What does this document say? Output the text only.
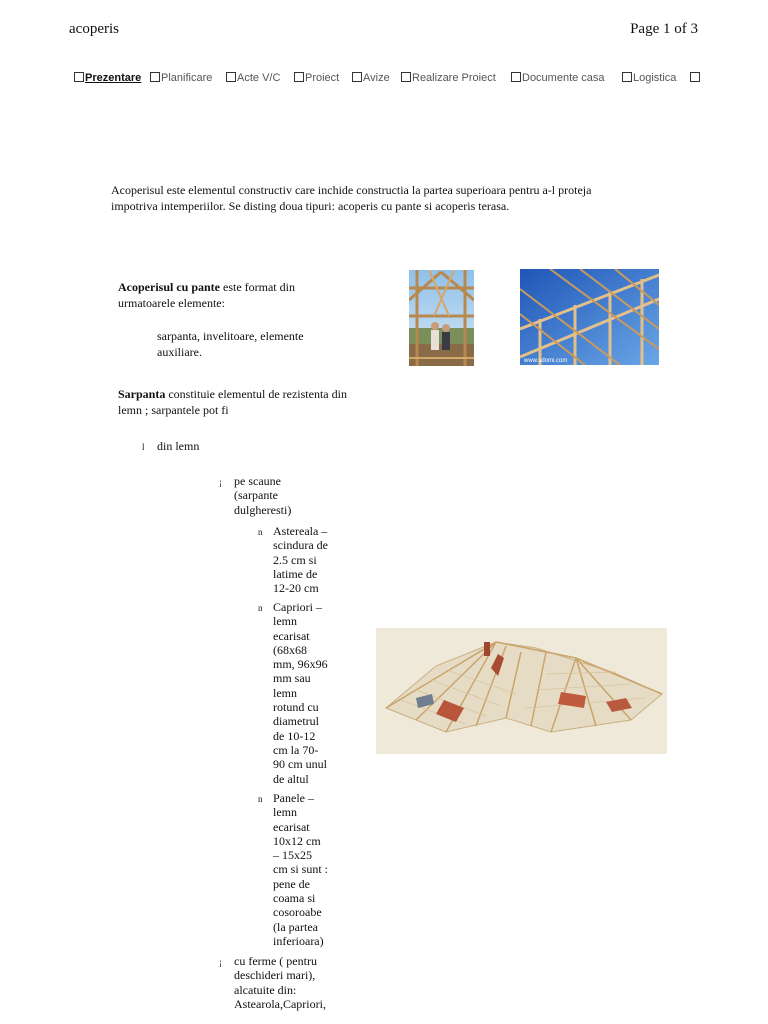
acoperis	Page 1 of 3
Prezentare	Planificare	Acte V/C	Proiect	Avize	Realizare Proiect	Documente casa	Logistica
Acoperisul este elementul constructiv care inchide constructia la partea superioara pentru a-l proteja
impotriva intemperiilor. Se disting doua tipuri: acoperis cu pante si acoperis terasa.
Acoperisul cu pante este format din
urmatoarele elemente:
sarpanta, invelitoare, elemente
auxiliare.
Sarpanta constituie elementul de rezistenta din
lemn ; sarpantele pot fi
l din lemn
¡ pe scaune
(sarpante
dulgheresti)
n Astereala –
scindura de
2.5 cm si
latime de
12-20 cm
n Capriori –
lemn
ecarisat
(68x68
mm, 96x96
mm sau
lemn
rotund cu
diametrul
de 10-12
cm la 70-
90 cm unul
de altul
n Panele –
lemn
ecarisat
10x12 cm
– 15x25
cm si sunt :
pene de
coama si
cosoroabe
(la partea
inferioara)
¡ cu ferme ( pentru
deschideri mari),
alcatuite din:
Astearola,Capriori,
www.sdomi.com
